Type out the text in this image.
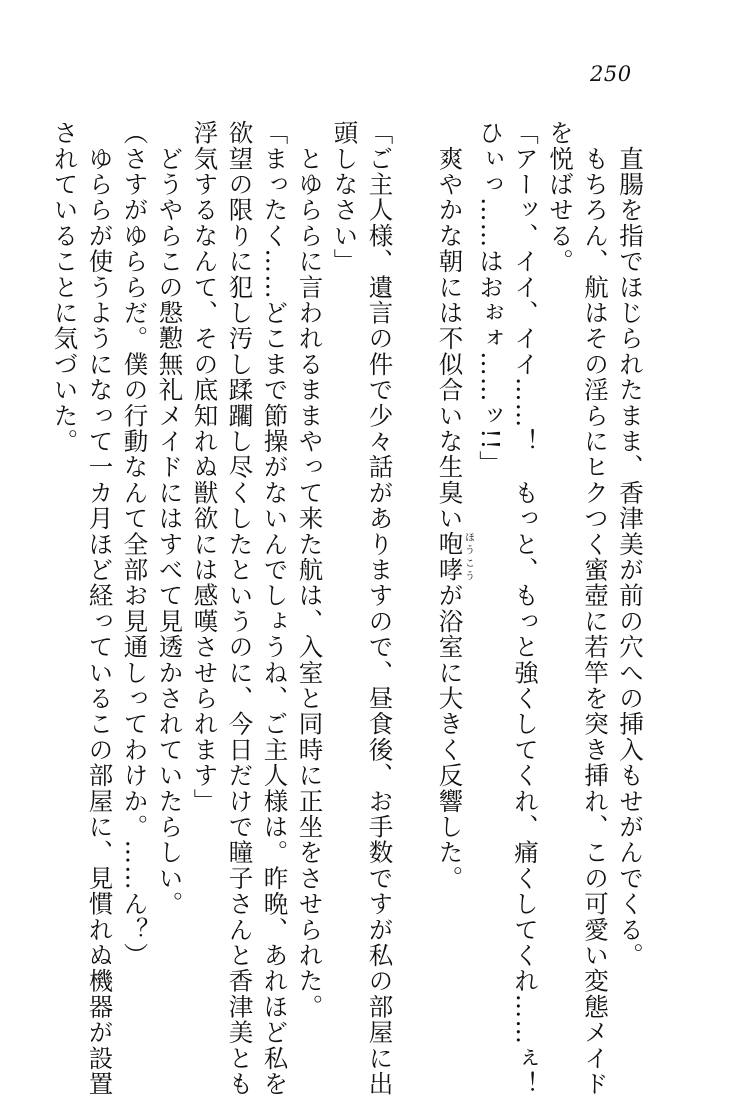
250
　直腸を指でほじられたまま、香津美が前の穴への挿入もせがんでくる。
　もちろん、航はその淫らにヒクつく蜜壺に若竿を突き挿れ、この可愛い変態メイド
を悦ばせる。
「アーッ、イイ、イイ……！　もっと、もっと強くしてくれ、痛くしてくれ……ぇ！
ひぃっ……はおぉォ……ッ!!」
　爽やかな朝には不似合いな生臭い咆哮ほうこうが浴室に大きく反響した。
「ご主人様、遺言の件で少々話がありますので、昼食後、お手数ですが私の部屋に出
頭しなさい」
　とゆららに言われるままやって来た航は、入室と同時に正坐をさせられた。
「まったく……どこまで節操がないんでしょうね、ご主人様は。昨晩、あれほど私を
欲望の限りに犯し汚し蹂躙し尽くしたというのに、今日だけで瞳子さんと香津美とも
浮気するなんて、その底知れぬ獣欲には感嘆させられます」
　どうやらこの慇懃無礼メイドにはすべて見透かされていたらしい。
（さすがゆららだ。僕の行動なんて全部お見通しってわけか。……ん？）
　ゆららが使うようになって一カ月ほど経っているこの部屋に、見慣れぬ機器が設置
されていることに気づいた。
